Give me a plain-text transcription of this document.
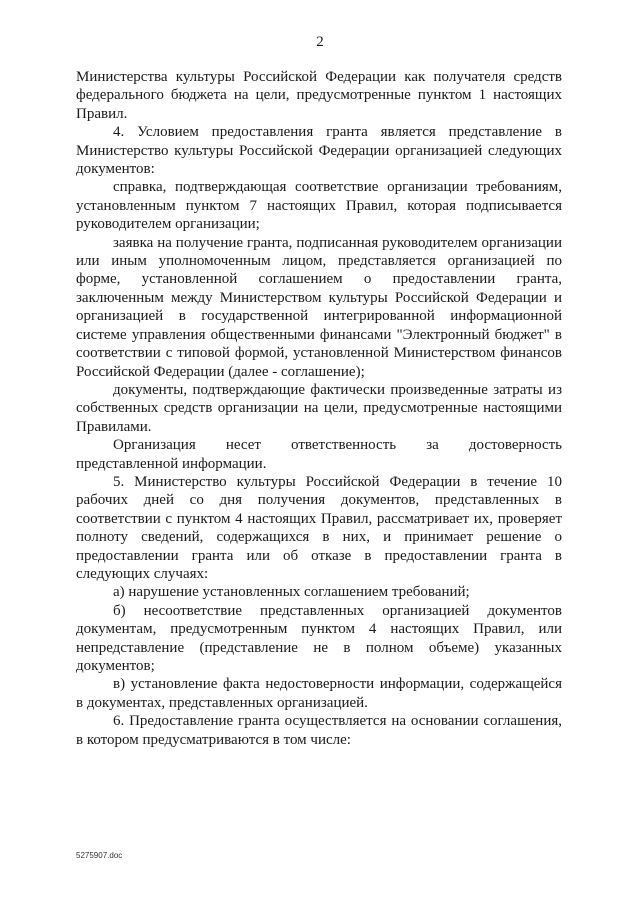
2

Министерства культуры Российской Федерации как получателя средств федерального бюджета на цели, предусмотренные пунктом 1 настоящих Правил.

4. Условием предоставления гранта является представление в Министерство культуры Российской Федерации организацией следующих документов:

справка, подтверждающая соответствие организации требованиям, установленным пунктом 7 настоящих Правил, которая подписывается руководителем организации;

заявка на получение гранта, подписанная руководителем организации или иным уполномоченным лицом, представляется организацией по форме, установленной соглашением о предоставлении гранта, заключенным между Министерством культуры Российской Федерации и организацией в государственной интегрированной информационной системе управления общественными финансами "Электронный бюджет" в соответствии с типовой формой, установленной Министерством финансов Российской Федерации (далее - соглашение);

документы, подтверждающие фактически произведенные затраты из собственных средств организации на цели, предусмотренные настоящими Правилами.

Организация несет ответственность за достоверность представленной информации.

5. Министерство культуры Российской Федерации в течение 10 рабочих дней со дня получения документов, представленных в соответствии с пунктом 4 настоящих Правил, рассматривает их, проверяет полноту сведений, содержащихся в них, и принимает решение о предоставлении гранта или об отказе в предоставлении гранта в следующих случаях:

а) нарушение установленных соглашением требований;

б) несоответствие представленных организацией документов документам, предусмотренным пунктом 4 настоящих Правил, или непредставление (представление не в полном объеме) указанных документов;

в) установление факта недостоверности информации, содержащейся в документах, представленных организацией.

6. Предоставление гранта осуществляется на основании соглашения, в котором предусматриваются в том числе:

5275907.doc
